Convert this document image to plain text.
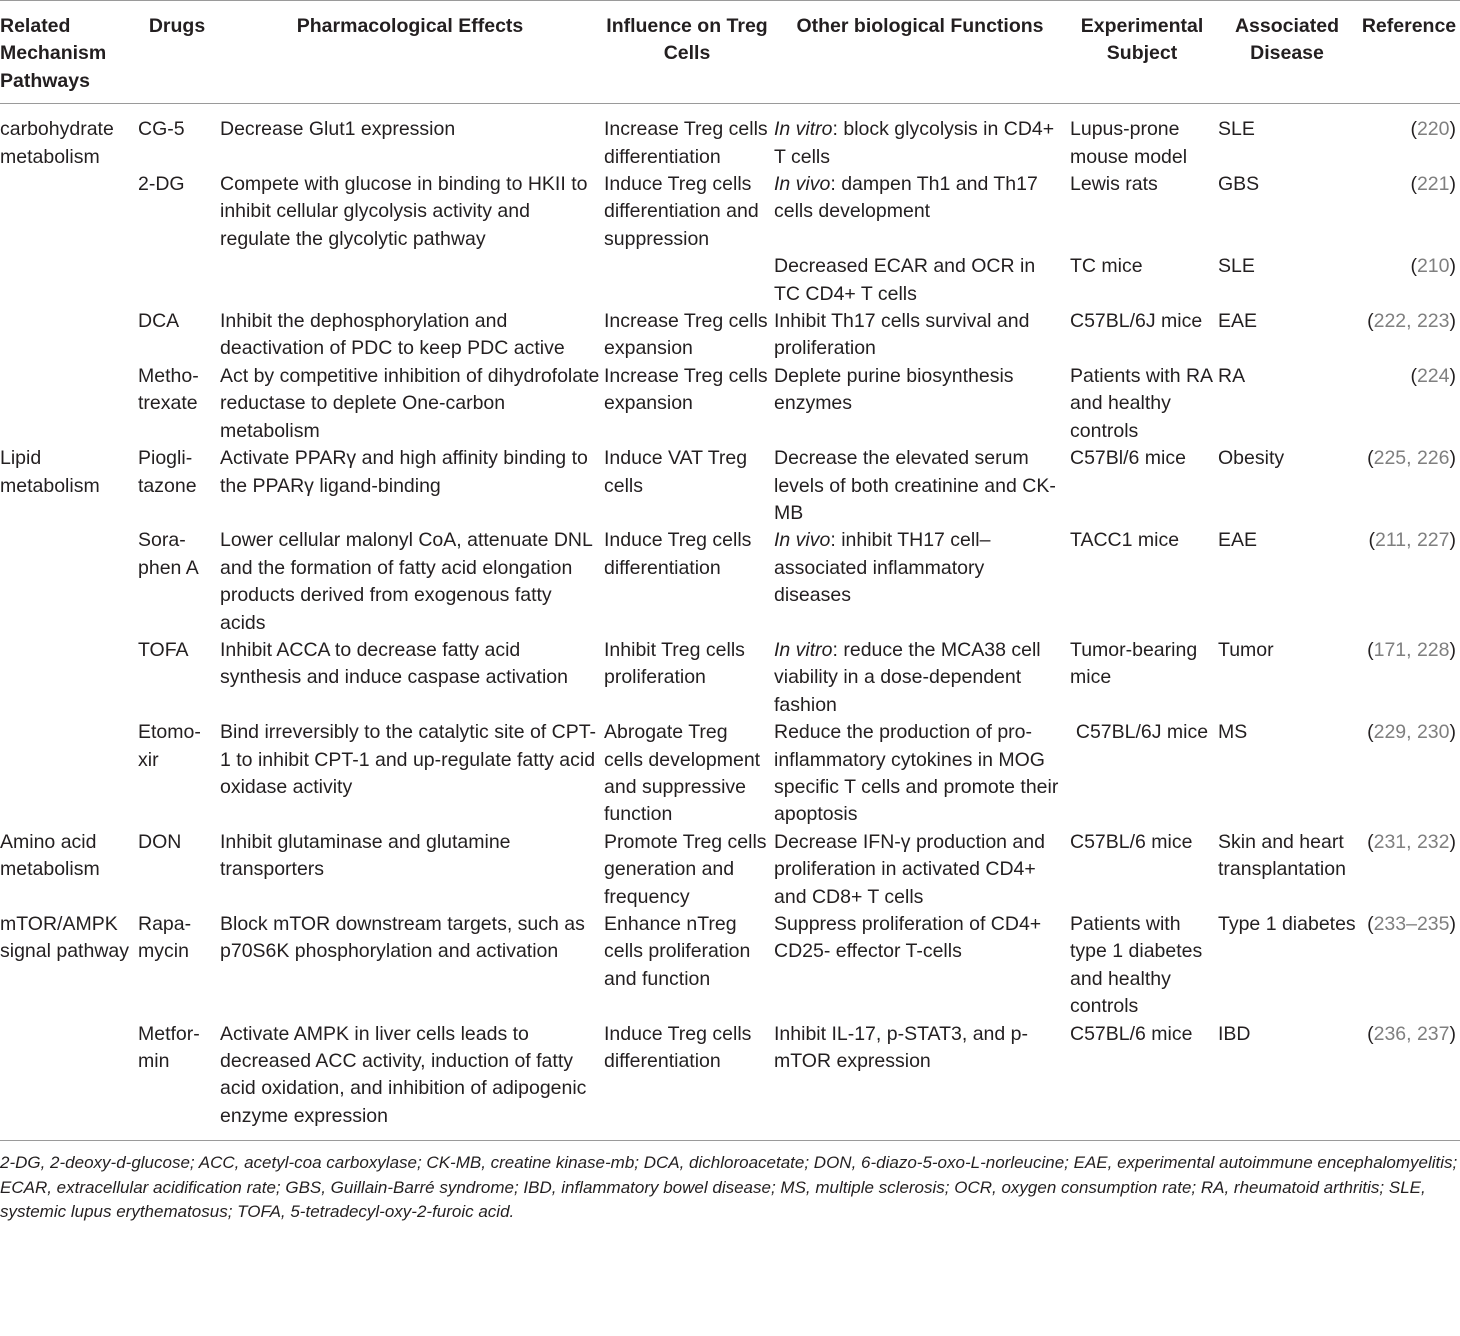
Related Mechanism Pathways	Drugs	Pharmacological Effects	Influence on Treg Cells	Other biological Functions	Experimental Subject	Associated Disease	Reference
carbohydrate metabolism	CG-5	Decrease Glut1 expression	Increase Treg cells differentiation	In vitro: block glycolysis in CD4+ T cells	Lupus-prone mouse model	SLE	(220)
	2-DG	Compete with glucose in binding to HKII to inhibit cellular glycolysis activity and regulate the glycolytic pathway	Induce Treg cells differentiation and suppression	In vivo: dampen Th1 and Th17 cells development	Lewis rats	GBS	(221)
				Decreased ECAR and OCR in TC CD4+ T cells	TC mice	SLE	(210)
	DCA	Inhibit the dephosphorylation and deactivation of PDC to keep PDC active	Increase Treg cells expansion	Inhibit Th17 cells survival and proliferation	C57BL/6J mice	EAE	(222, 223)
	Metho-trexate	Act by competitive inhibition of dihydrofolate reductase to deplete One-carbon metabolism	Increase Treg cells expansion	Deplete purine biosynthesis enzymes	Patients with RA and healthy controls	RA	(224)
Lipid metabolism	Piogli-tazone	Activate PPARγ and high affinity binding to the PPARγ ligand-binding	Induce VAT Treg cells	Decrease the elevated serum levels of both creatinine and CK-MB	C57Bl/6 mice	Obesity	(225, 226)
	Sora-phen A	Lower cellular malonyl CoA, attenuate DNL and the formation of fatty acid elongation products derived from exogenous fatty acids	Induce Treg cells differentiation	In vivo: inhibit TH17 cell–associated inflammatory diseases	TACC1 mice	EAE	(211, 227)
	TOFA	Inhibit ACCA to decrease fatty acid synthesis and induce caspase activation	Inhibit Treg cells proliferation	In vitro: reduce the MCA38 cell viability in a dose-dependent fashion	Tumor-bearing mice	Tumor	(171, 228)
	Etomo-xir	Bind irreversibly to the catalytic site of CPT-1 to inhibit CPT-1 and up-regulate fatty acid oxidase activity	Abrogate Treg cells development and suppressive function	Reduce the production of pro-inflammatory cytokines in MOG specific T cells and promote their apoptosis	C57BL/6J mice	MS	(229, 230)
Amino acid metabolism	DON	Inhibit glutaminase and glutamine transporters	Promote Treg cells generation and frequency	Decrease IFN-γ production and proliferation in activated CD4+ and CD8+ T cells	C57BL/6 mice	Skin and heart transplantation	(231, 232)
mTOR/AMPK signal pathway	Rapa-mycin	Block mTOR downstream targets, such as p70S6K phosphorylation and activation	Enhance nTreg cells proliferation and function	Suppress proliferation of CD4+ CD25- effector T-cells	Patients with type 1 diabetes and healthy controls	Type 1 diabetes	(233–235)
	Metfor-min	Activate AMPK in liver cells leads to decreased ACC activity, induction of fatty acid oxidation, and inhibition of adipogenic enzyme expression	Induce Treg cells differentiation	Inhibit IL-17, p-STAT3, and p-mTOR expression	C57BL/6 mice	IBD	(236, 237)
2-DG, 2-deoxy-d-glucose; ACC, acetyl-coa carboxylase; CK-MB, creatine kinase-mb; DCA, dichloroacetate; DON, 6-diazo-5-oxo-L-norleucine; EAE, experimental autoimmune encephalomyelitis; ECAR, extracellular acidification rate; GBS, Guillain-Barré syndrome; IBD, inflammatory bowel disease; MS, multiple sclerosis; OCR, oxygen consumption rate; RA, rheumatoid arthritis; SLE, systemic lupus erythematosus; TOFA, 5-tetradecyl-oxy-2-furoic acid.
